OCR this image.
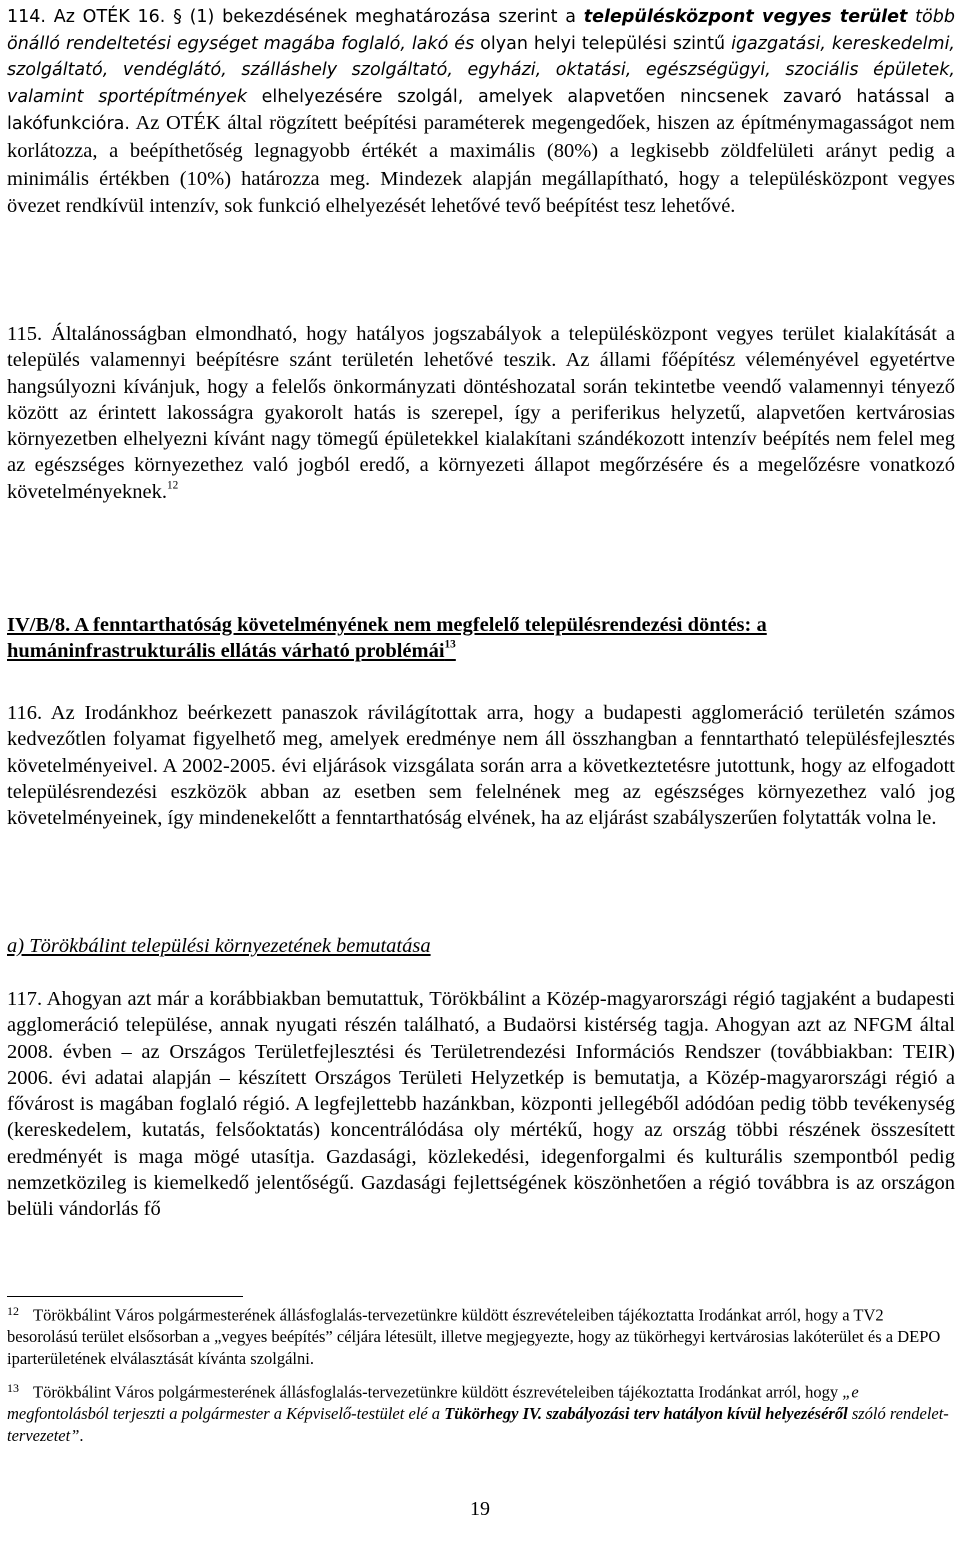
114. Az OTÉK 16. § (1) bekezdésének meghatározása szerint a településközpont vegyes terület több önálló rendeltetési egységet magába foglaló, lakó és olyan helyi települési szintű igazgatási, kereskedelmi, szolgáltató, vendéglátó, szálláshely szolgáltató, egyházi, oktatási, egészségügyi, szociális épületek, valamint sportépítmények elhelyezésére szolgál, amelyek alapvetően nincsenek zavaró hatással a lakófunkcióra. Az OTÉK által rögzített beépítési paraméterek megengedőek, hiszen az építménymagasságot nem korlátozza, a beépíthetőség legnagyobb értékét a maximális (80%) a legkisebb zöldfelületi arányt pedig a minimális értékben (10%) határozza meg. Mindezek alapján megállapítható, hogy a településközpont vegyes övezet rendkívül intenzív, sok funkció elhelyezését lehetővé tevő beépítést tesz lehetővé.

115. Általánosságban elmondható, hogy hatályos jogszabályok a településközpont vegyes terület kialakítását a település valamennyi beépítésre szánt területén lehetővé teszik. Az állami főépítész véleményével egyetértve hangsúlyozni kívánjuk, hogy a felelős önkormányzati döntéshozatal során tekintetbe veendő valamennyi tényező között az érintett lakosságra gyakorolt hatás is szerepel, így a periferikus helyzetű, alapvetően kertvárosias környezetben elhelyezni kívánt nagy tömegű épületekkel kialakítani szándékozott intenzív beépítés nem felel meg az egészséges környezethez való jogból eredő, a környezeti állapot megőrzésére és a megelőzésre vonatkozó követelményeknek.$^{12}$

IV/B/8. A fenntarthatóság követelményének nem megfelelő településrendezési döntés: a humáninfrastrukturális ellátás várható problémái$^{13}$

116. Az Irodánkhoz beérkezett panaszok rávilágítottak arra, hogy a budapesti agglomeráció területén számos kedvezőtlen folyamat figyelhető meg, amelyek eredménye nem áll összhangban a fenntartható településfejlesztés követelményeivel. A 2002-2005. évi eljárások vizsgálata során arra a következtetésre jutottunk, hogy az elfogadott településrendezési eszközök abban az esetben sem felelnének meg az egészséges környezethez való jog követelményeinek, így mindenekelőtt a fenntarthatóság elvének, ha az eljárást szabályszerűen folytatták volna le.

a) Törökbálint települési környezetének bemutatása

117. Ahogyan azt már a korábbiakban bemutattuk, Törökbálint a Közép-magyarországi régió tagjaként a budapesti agglomeráció települése, annak nyugati részén található, a Budaörsi kistérség tagja. Ahogyan azt az NFGM által 2008. évben – az Országos Területfejlesztési és Területrendezési Információs Rendszer (továbbiakban: TEIR) 2006. évi adatai alapján – készített Országos Területi Helyzetkép is bemutatja, a Közép-magyarországi régió a fővárost is magában foglaló régió. A legfejlettebb hazánkban, központi jellegéből adódóan pedig több tevékenység (kereskedelem, kutatás, felsőoktatás) koncentrálódása oly mértékű, hogy az ország többi részének összesített eredményét is maga mögé utasítja. Gazdasági, közlekedési, idegenforgalmi és kulturális szempontból pedig nemzetközileg is kiemelkedő jelentőségű. Gazdasági fejlettségének köszönhetően a régió továbbra is az országon belüli vándorlás fő

$^{12}$ Törökbálint Város polgármesterének állásfoglalás-tervezetünkre küldött észrevételeiben tájékoztatta Irodánkat arról, hogy a TV2 besorolású terület elsősorban a „vegyes beépítés” céljára létesült, illetve megjegyezte, hogy az tükörhegyi kertvárosias lakóterület és a DEPO iparterületének elválasztását kívánta szolgálni.

$^{13}$ Törökbálint Város polgármesterének állásfoglalás-tervezetünkre küldött észrevételeiben tájékoztatta Irodánkat arról, hogy „e megfontolásból terjeszti a polgármester a Képviselő-testület elé a Tükörhegy IV. szabályozási terv hatályon kívül helyezéséről szóló rendelet-tervezetet”.

19
